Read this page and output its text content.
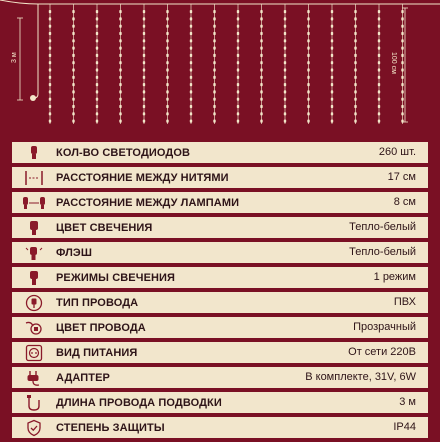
3 м	100 см
КОЛ-ВО СВЕТОДИОДОВ	260 шт.
РАССТОЯНИЕ МЕЖДУ НИТЯМИ	17 см
РАССТОЯНИЕ МЕЖДУ ЛАМПАМИ	8 см
ЦВЕТ СВЕЧЕНИЯ	Тепло-белый
ФЛЭШ	Тепло-белый
РЕЖИМЫ СВЕЧЕНИЯ	1 режим
ТИП ПРОВОДА	ПВХ
ЦВЕТ ПРОВОДА	Прозрачный
ВИД ПИТАНИЯ	От сети 220В
АДАПТЕР	В комплекте, 31V, 6W
ДЛИНА ПРОВОДА ПОДВОДКИ	3 м
СТЕПЕНЬ ЗАЩИТЫ	IP44
